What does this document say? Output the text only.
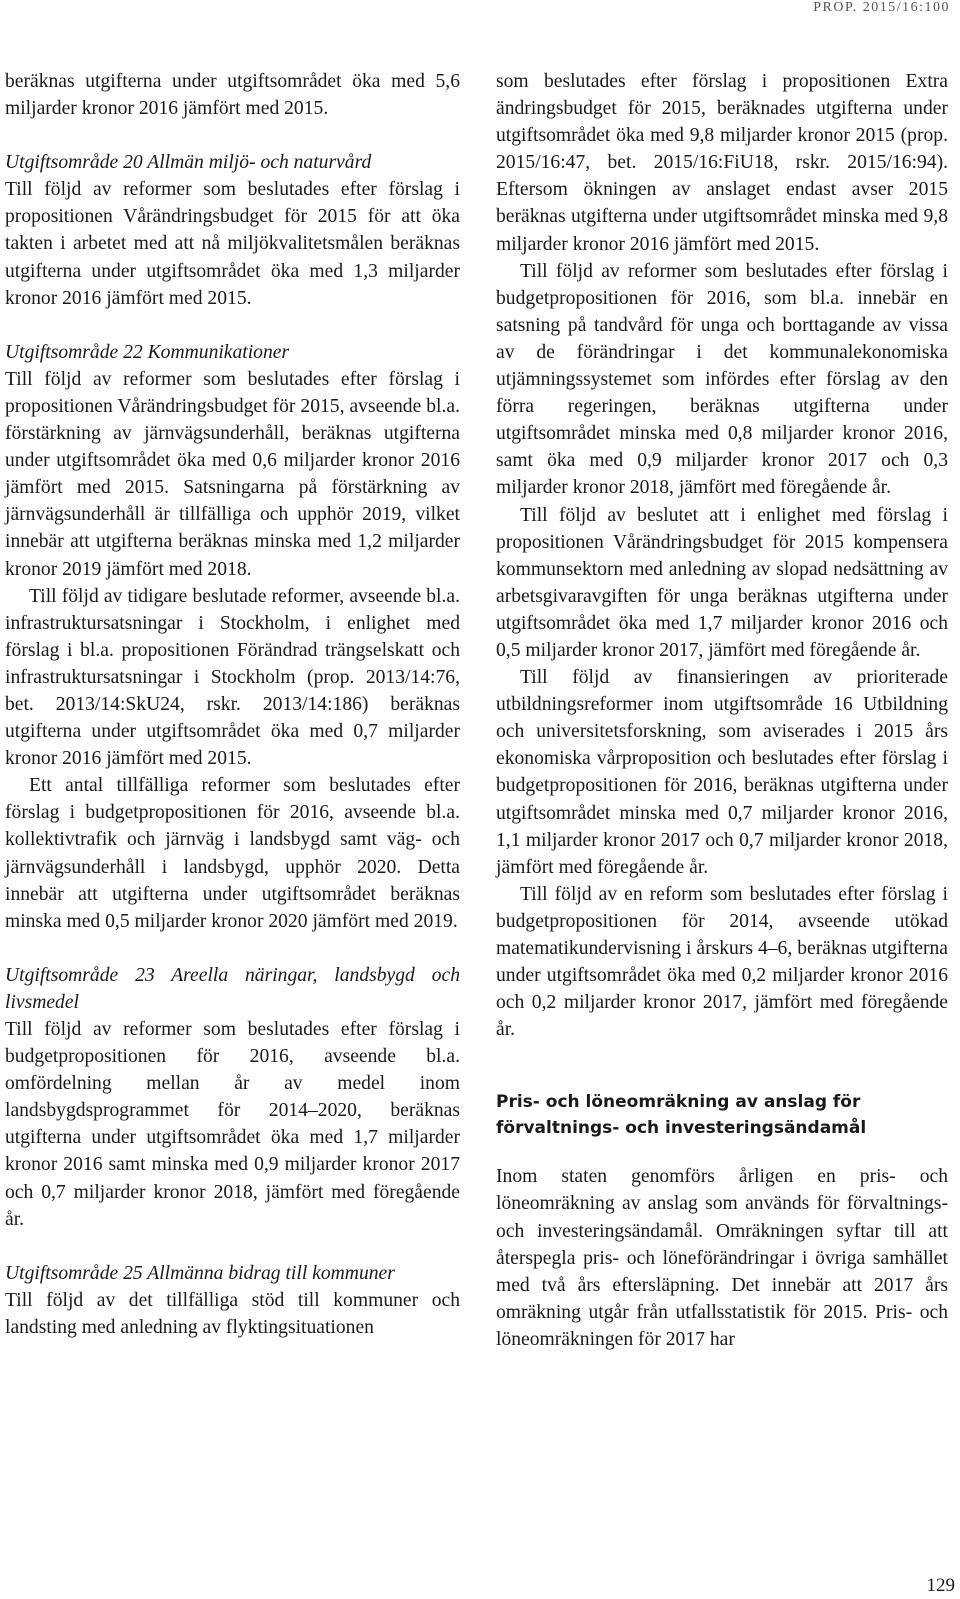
PROP. 2015/16:100

beräknas utgifterna under utgiftsområdet öka med 5,6 miljarder kronor 2016 jämfört med 2015.

Utgiftsområde 20 Allmän miljö- och naturvård

Till följd av reformer som beslutades efter förslag i propositionen Vårändringsbudget för 2015 för att öka takten i arbetet med att nå miljökvalitetsmålen beräknas utgifterna under utgiftsområdet öka med 1,3 miljarder kronor 2016 jämfört med 2015.

Utgiftsområde 22 Kommunikationer

Till följd av reformer som beslutades efter förslag i propositionen Vårändringsbudget för 2015, avseende bl.a. förstärkning av järnvägsunderhåll, beräknas utgifterna under utgiftsområdet öka med 0,6 miljarder kronor 2016 jämfört med 2015. Satsningarna på förstärkning av järnvägsunderhåll är tillfälliga och upphör 2019, vilket innebär att utgifterna beräknas minska med 1,2 miljarder kronor 2019 jämfört med 2018.

Till följd av tidigare beslutade reformer, avseende bl.a. infrastruktursatsningar i Stockholm, i enlighet med förslag i bl.a. propositionen Förändrad trängselskatt och infrastruktursatsningar i Stockholm (prop. 2013/14:76, bet. 2013/14:SkU24, rskr. 2013/14:186) beräknas utgifterna under utgiftsområdet öka med 0,7 miljarder kronor 2016 jämfört med 2015.

Ett antal tillfälliga reformer som beslutades efter förslag i budgetpropositionen för 2016, avseende bl.a. kollektivtrafik och järnväg i landsbygd samt väg- och järnvägsunderhåll i landsbygd, upphör 2020. Detta innebär att utgifterna under utgiftsområdet beräknas minska med 0,5 miljarder kronor 2020 jämfört med 2019.

Utgiftsområde 23 Areella näringar, landsbygd och livsmedel

Till följd av reformer som beslutades efter förslag i budgetpropositionen för 2016, avseende bl.a. omfördelning mellan år av medel inom landsbygdsprogrammet för 2014–2020, beräknas utgifterna under utgiftsområdet öka med 1,7 miljarder kronor 2016 samt minska med 0,9 miljarder kronor 2017 och 0,7 miljarder kronor 2018, jämfört med föregående år.

Utgiftsområde 25 Allmänna bidrag till kommuner

Till följd av det tillfälliga stöd till kommuner och landsting med anledning av flyktingsituationen

som beslutades efter förslag i propositionen Extra ändringsbudget för 2015, beräknades utgifterna under utgiftsområdet öka med 9,8 miljarder kronor 2015 (prop. 2015/16:47, bet. 2015/16:FiU18, rskr. 2015/16:94). Eftersom ökningen av anslaget endast avser 2015 beräknas utgifterna under utgiftsområdet minska med 9,8 miljarder kronor 2016 jämfört med 2015.

Till följd av reformer som beslutades efter förslag i budgetpropositionen för 2016, som bl.a. innebär en satsning på tandvård för unga och borttagande av vissa av de förändringar i det kommunalekonomiska utjämningssystemet som infördes efter förslag av den förra regeringen, beräknas utgifterna under utgiftsområdet minska med 0,8 miljarder kronor 2016, samt öka med 0,9 miljarder kronor 2017 och 0,3 miljarder kronor 2018, jämfört med föregående år.

Till följd av beslutet att i enlighet med förslag i propositionen Vårändringsbudget för 2015 kompensera kommunsektorn med anledning av slopad nedsättning av arbetsgivaravgiften för unga beräknas utgifterna under utgiftsområdet öka med 1,7 miljarder kronor 2016 och 0,5 miljarder kronor 2017, jämfört med föregående år.

Till följd av finansieringen av prioriterade utbildningsreformer inom utgiftsområde 16 Utbildning och universitetsforskning, som aviserades i 2015 års ekonomiska vårproposition och beslutades efter förslag i budgetpropositionen för 2016, beräknas utgifterna under utgiftsområdet minska med 0,7 miljarder kronor 2016, 1,1 miljarder kronor 2017 och 0,7 miljarder kronor 2018, jämfört med föregående år.

Till följd av en reform som beslutades efter förslag i budgetpropositionen för 2014, avseende utökad matematikundervisning i årskurs 4–6, beräknas utgifterna under utgiftsområdet öka med 0,2 miljarder kronor 2016 och 0,2 miljarder kronor 2017, jämfört med föregående år.

Pris- och löneomräkning av anslag för förvaltnings- och investeringsändamål

Inom staten genomförs årligen en pris- och löneomräkning av anslag som används för förvaltnings- och investeringsändamål. Omräkningen syftar till att återspegla pris- och löneförändringar i övriga samhället med två års eftersläpning. Det innebär att 2017 års omräkning utgår från utfallsstatistik för 2015. Pris- och löneomräkningen för 2017 har

129
